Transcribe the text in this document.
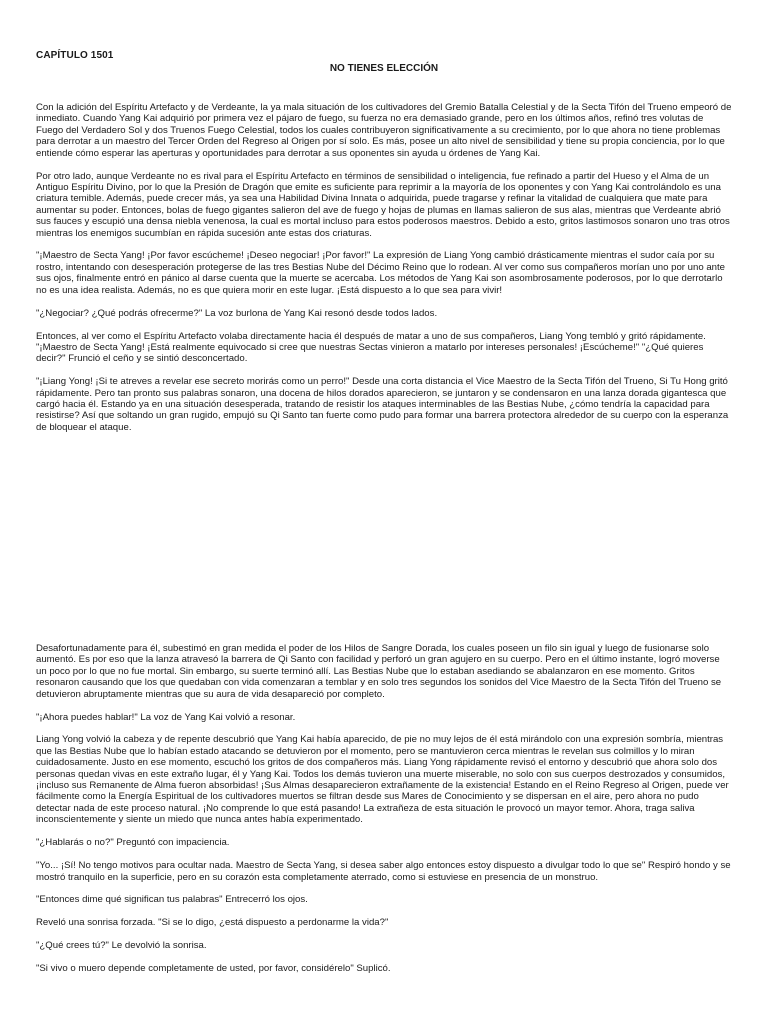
CAPÍTULO 1501
NO TIENES ELECCIÓN

Con la adición del Espíritu Artefacto y de Verdeante, la ya mala situación de los cultivadores del Gremio Batalla Celestial y de la Secta Tifón del Trueno empeoró de inmediato. Cuando Yang Kai adquirió por primera vez el pájaro de fuego, su fuerza no era demasiado grande, pero en los últimos años, refinó tres volutas de Fuego del Verdadero Sol y dos Truenos Fuego Celestial, todos los cuales contribuyeron significativamente a su crecimiento, por lo que ahora no tiene problemas para derrotar a un maestro del Tercer Orden del Regreso al Origen por sí solo. Es más, posee un alto nivel de sensibilidad y tiene su propia conciencia, por lo que entiende cómo esperar las aperturas y oportunidades para derrotar a sus oponentes sin ayuda u órdenes de Yang Kai.

Por otro lado, aunque Verdeante no es rival para el Espíritu Artefacto en términos de sensibilidad o inteligencia, fue refinado a partir del Hueso y el Alma de un Antiguo Espíritu Divino, por lo que la Presión de Dragón que emite es suficiente para reprimir a la mayoría de los oponentes y con Yang Kai controlándolo es una criatura temible. Además, puede crecer más, ya sea una Habilidad Divina Innata o adquirida, puede tragarse y refinar la vitalidad de cualquiera que mate para aumentar su poder. Entonces, bolas de fuego gigantes salieron del ave de fuego y hojas de plumas en llamas salieron de sus alas, mientras que Verdeante abrió sus fauces y escupió una densa niebla venenosa, la cual es mortal incluso para estos poderosos maestros. Debido a esto, gritos lastimosos sonaron uno tras otros mientras los enemigos sucumbían en rápida sucesión ante estas dos criaturas.

"¡Maestro de Secta Yang! ¡Por favor escúcheme! ¡Deseo negociar! ¡Por favor!" La expresión de Liang Yong cambió drásticamente mientras el sudor caía por su rostro, intentando con desesperación protegerse de las tres Bestias Nube del Décimo Reino que lo rodean. Al ver como sus compañeros morían uno por uno ante sus ojos, finalmente entró en pánico al darse cuenta que la muerte se acercaba. Los métodos de Yang Kai son asombrosamente poderosos, por lo que derrotarlo no es una idea realista. Además, no es que quiera morir en este lugar. ¡Está dispuesto a lo que sea para vivir!

"¿Negociar? ¿Qué podrás ofrecerme?" La voz burlona de Yang Kai resonó desde todos lados.

Entonces, al ver como el Espíritu Artefacto volaba directamente hacia él después de matar a uno de sus compañeros, Liang Yong tembló y gritó rápidamente. "¡Maestro de Secta Yang! ¡Está realmente equivocado si cree que nuestras Sectas vinieron a matarlo por intereses personales! ¡Escúcheme!" "¿Qué quieres decir?" Frunció el ceño y se sintió desconcertado.

"¡Liang Yong! ¡Si te atreves a revelar ese secreto morirás como un perro!" Desde una corta distancia el Vice Maestro de la Secta Tifón del Trueno, Si Tu Hong gritó rápidamente. Pero tan pronto sus palabras sonaron, una docena de hilos dorados aparecieron, se juntaron y se condensaron en una lanza dorada gigantesca que cargó hacia él. Estando ya en una situación desesperada, tratando de resistir los ataques interminables de las Bestias Nube, ¿cómo tendría la capacidad para resistirse? Así que soltando un gran rugido, empujó su Qi Santo tan fuerte como pudo para formar una barrera protectora alrededor de su cuerpo con la esperanza de bloquear el ataque.

Desafortunadamente para él, subestimó en gran medida el poder de los Hilos de Sangre Dorada, los cuales poseen un filo sin igual y luego de fusionarse solo aumentó. Es por eso que la lanza atravesó la barrera de Qi Santo con facilidad y perforó un gran agujero en su cuerpo. Pero en el último instante, logró moverse un poco por lo que no fue mortal. Sin embargo, su suerte terminó allí. Las Bestias Nube que lo estaban asediando se abalanzaron en ese momento. Gritos resonaron causando que los que quedaban con vida comenzaran a temblar y en solo tres segundos los sonidos del Vice Maestro de la Secta Tifón del Trueno se detuvieron abruptamente mientras que su aura de vida desapareció por completo.

"¡Ahora puedes hablar!" La voz de Yang Kai volvió a resonar.

Liang Yong volvió la cabeza y de repente descubrió que Yang Kai había aparecido, de pie no muy lejos de él está mirándolo con una expresión sombría, mientras que las Bestias Nube que lo habían estado atacando se detuvieron por el momento, pero se mantuvieron cerca mientras le revelan sus colmillos y lo miran cuidadosamente. Justo en ese momento, escuchó los gritos de dos compañeros más. Liang Yong rápidamente revisó el entorno y descubrió que ahora solo dos personas quedan vivas en este extraño lugar, él y Yang Kai. Todos los demás tuvieron una muerte miserable, no solo con sus cuerpos destrozados y consumidos, ¡incluso sus Remanente de Alma fueron absorbidas! ¡Sus Almas desaparecieron extrañamente de la existencia! Estando en el Reino Regreso al Origen, puede ver fácilmente como la Energía Espiritual de los cultivadores muertos se filtran desde sus Mares de Conocimiento y se dispersan en el aire, pero ahora no pudo detectar nada de este proceso natural. ¡No comprende lo que está pasando! La extrañeza de esta situación le provocó un mayor temor. Ahora, traga saliva inconscientemente y siente un miedo que nunca antes había experimentado.

"¿Hablarás o no?" Preguntó con impaciencia.

"Yo... ¡Sí! No tengo motivos para ocultar nada. Maestro de Secta Yang, si desea saber algo entonces estoy dispuesto a divulgar todo lo que se" Respiró hondo y se mostró tranquilo en la superficie, pero en su corazón esta completamente aterrado, como si estuviese en presencia de un monstruo.

"Entonces dime qué significan tus palabras" Entrecerró los ojos.

Reveló una sonrisa forzada. "Si se lo digo, ¿está dispuesto a perdonarme la vida?"

"¿Qué crees tú?" Le devolvió la sonrisa.

"Si vivo o muero depende completamente de usted, por favor, considérelo" Suplicó.
